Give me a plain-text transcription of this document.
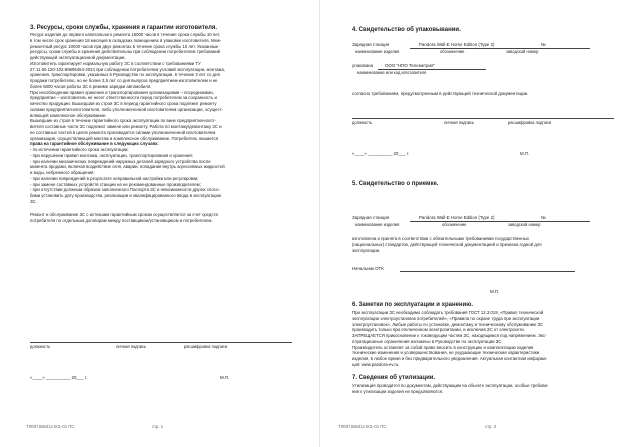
3. Ресурсы, сроки службы, хранения и гарантии изготовителя.
Ресурс изделия до первого капитального ремонта 15000 часов в течение срока службы 10 лет,
в том числе срок хранения 18 месяцев в складских помещениях в упаковке изготовителя. Меж-
ремонтный ресурс 10000 часов при двух ремонтах в течение срока службы 10 лет. Указанные
ресурсы, сроки службы и хранения действительны при соблюдении потребителем требований
действующей эксплуатационной документации.
Изготовитель гарантирует нормальную работу ЗС в соответствии с требованиями ТУ
27.11.50.120-102-89696454-2024 при соблюдении потребителем условий эксплуатации, монтажа,
хранения, транспортировки, указанных в Руководстве по эксплуатации, в течение 3 лет со дня
продажи потребителю, но не более 3,5 лет со дня выпуска предприятием-изготовителем и не
более 5000 часов работы ЗС в режиме зарядки автомобиля.
При несоблюдении правил хранения и транспортирования организациями – посредниками,
предприятие – изготовитель не несет ответственности перед потребителем за сохранность и
качество продукции. Вышедшая из строя ЗС в период гарантийного срока подлежит ремонту
силами предприятия-изготовителя, либо уполномоченной изготовителем организации, осущест-
вляющей комплексное обслуживание.
Вышедшие из строя в течение гарантийного срока эксплуатации по вине предприятия-изгот-
вителя составные части ЗС подлежат замене или ремонту. Работа по монтажу/демонтажу ЗС и
ее составных частей в целях ремонта производится силами уполномоченной изготовителем
организации, осуществляющей монтаж и комплексное обслуживание. Потребитель лишается
права на гарантийное обслуживание в следующих случаях:
- по истечении гарантийного срока эксплуатации;
- при нарушении правил монтажа, эксплуатации, транспортирования и хранения;
- при наличии механических повреждений наружных деталей зарядного устройства после
момента продажи, включая воздействие огня, аварии, попадания внутрь агрессивных жидкостей
и воды, небрежного обращения;
- при наличии повреждений в результате неправильной настройки или регулировки;
- при замене составных устройств станции на не рекомендованные производителем;
- при отсутствии должным образом заполненного Паспорта ЗС и невозможности других спосо-
бами установить дату производства, реализации и квалифицированного ввода в эксплуатацию
ЗС.
Ремонт и обслуживание ЗС с истекшим гарантийным сроком осуществляется за счет средств
потребителя по отдельным договорам между поставщиком/установщиком и потребителем.
должность	личная подпись	расшифровка подписи
«____» __________ 20___ г.	М.П.
ТЛМП.565312.001-01 ПС	стр. 2
4. Свидетельство об упаковывании.
Зарядная станция	Pandora Wall-E Home Edition (Type 2)	№
наименование изделия	обозначение	заводской номер
упакована	ООО "НПО Телеметрия"
наименование или код изготовителя
согласно требованиям, предусмотренным в действующей технической документации.
должность	личная подпись	расшифровка подписи
«____» __________ 20___ г.	М.П.
5. Свидетельство о приемке.
Зарядная станция	Pandora Wall-E Home Edition (Type 2)	№
наименование изделия	обозначение	заводской номер
изготовлена и принята в соответствии с обязательными требованиями государственных
(национальных) стандартов, действующей технической документацией и признана годной для
эксплуатации.
Начальник ОТК
М.П.
6. Заметки по эксплуатации и хранению.
При эксплуатации ЗС необходимо соблюдать требования ГОСТ 12.3.019, «Правил технической
эксплуатации электроустановок потребителей», «Правила по охране труда при эксплуатации
электроустановок». Любые работы по установке, демонтажу и техническому обслуживанию ЗС
производить только при отключенном электропитании, и исключив ЗС от электросети.
ЗАПРЕЩАЕТСЯ прикосновение к токоведущим частям ЗС, находящимся под напряжением. Экс-
плуатационные ограничения изложены в Руководстве по эксплуатации ЗС.
Производитель оставляет за собой право вносить в конструкцию и комплектацию изделия
технические изменения и усовершенствования, не ухудшающие технические характеристики
изделия, в любое время и без предварительного уведомления. Актуальная контактная информа-
ция: www.pandora-ev.ru.
7. Сведения об утилизации.
Утилизация проводится по документам, действующим на объекте эксплуатации, особые требова-
ния к утилизации изделия не предъявляются.
ТЛМП.565312.001-01 ПС	стр. 3
